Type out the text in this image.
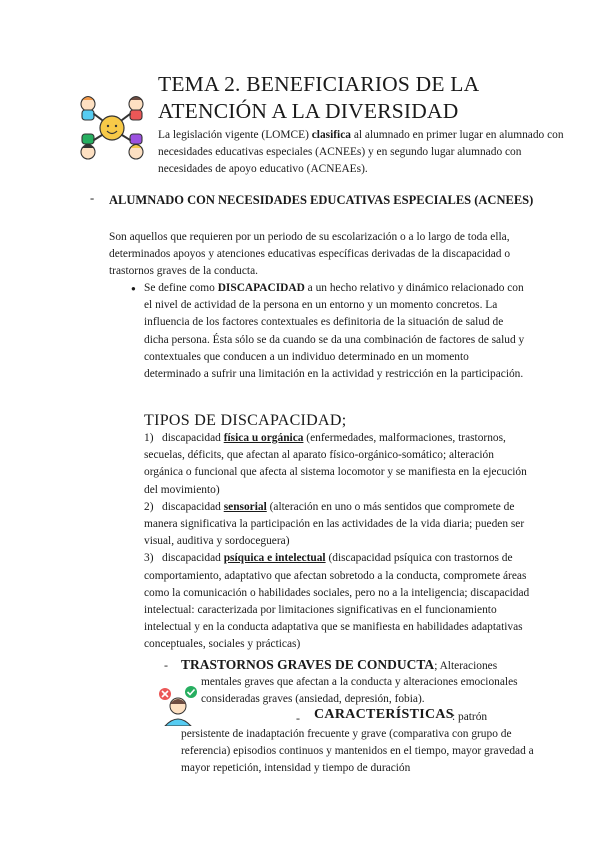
TEMA 2. BENEFICIARIOS DE LA
ATENCIÓN A LA DIVERSIDAD

La legislación vigente (LOMCE) clasifica al alumnado en primer lugar en alumnado con necesidades educativas especiales (ACNEEs) y en segundo lugar alumnado con necesidades de apoyo educativo (ACNEAEs).

- ALUMNADO CON NECESIDADES EDUCATIVAS ESPECIALES (ACNEES)

Son aquellos que requieren por un periodo de su escolarización o a lo largo de toda ella, determinados apoyos y atenciones educativas específicas derivadas de la discapacidad o trastornos graves de la conducta.

● Se define como DISCAPACIDAD a un hecho relativo y dinámico relacionado con el nivel de actividad de la persona en un entorno y un momento concretos. La influencia de los factores contextuales es definitoria de la situación de salud de dicha persona. Ésta sólo se da cuando se da una combinación de factores de salud y contextuales que conducen a un individuo determinado en un momento determinado a sufrir una limitación en la actividad y restricción en la participación.

TIPOS DE DISCAPACIDAD;

1) discapacidad física u orgánica (enfermedades, malformaciones, trastornos, secuelas, déficits, que afectan al aparato físico-orgánico-somático; alteración orgánica o funcional que afecta al sistema locomotor y se manifiesta en la ejecución del movimiento)

2) discapacidad sensorial (alteración en uno o más sentidos que compromete de manera significativa la participación en las actividades de la vida diaria; pueden ser visual, auditiva y sordoceguera)

3) discapacidad psíquica e intelectual (discapacidad psíquica con trastornos de comportamiento, adaptativo que afectan sobretodo a la conducta, compromete áreas como la comunicación o habilidades sociales, pero no a la inteligencia; discapacidad intelectual: caracterizada por limitaciones significativas en el funcionamiento intelectual y en la conducta adaptativa que se manifiesta en habilidades adaptativas conceptuales, sociales y prácticas)

- TRASTORNOS GRAVES DE CONDUCTA; Alteraciones

mentales graves que afectan a la conducta y alteraciones emocionales consideradas graves (ansiedad, depresión, fobia).

- CARACTERÍSTICAS
: patrón

persistente de inadaptación frecuente y grave (comparativa con grupo de referencia) episodios continuos y mantenidos en el tiempo, mayor gravedad a mayor repetición, intensidad y tiempo de duración
